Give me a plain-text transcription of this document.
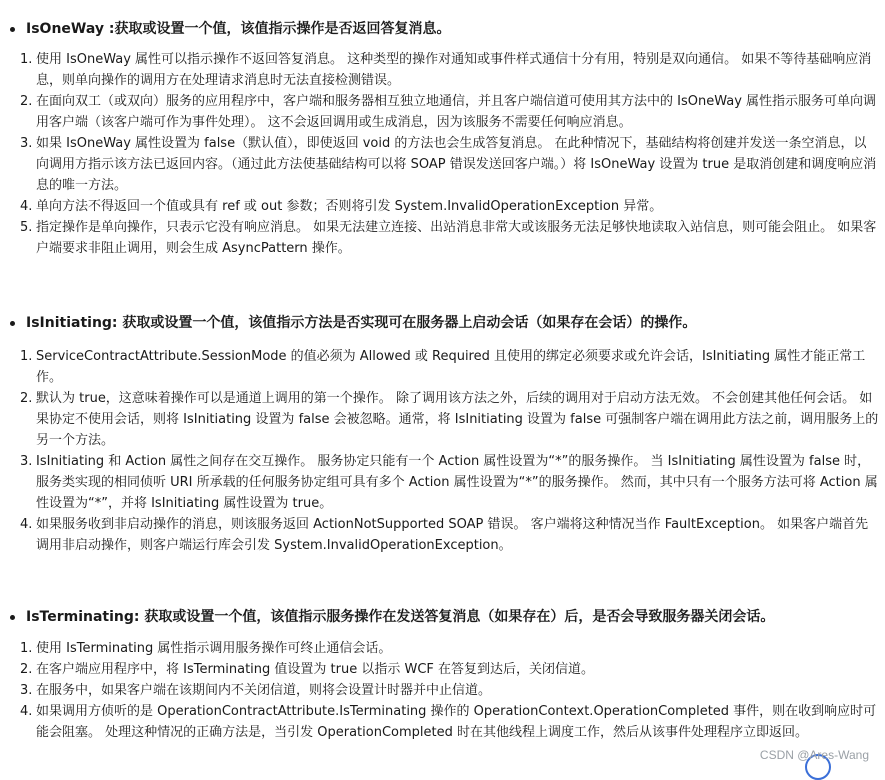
IsOneWay :获取或设置一个值，该值指示操作是否返回答复消息。
1. 使用 IsOneWay 属性可以指示操作不返回答复消息。 这种类型的操作对通知或事件样式通信十分有用，特别是双向通信。 如果不等待基础响应消息，则单向操作的调用方在处理请求消息时无法直接检测错误。
2. 在面向双工（或双向）服务的应用程序中，客户端和服务器相互独立地通信，并且客户端信道可使用其方法中的 IsOneWay 属性指示服务可单向调用客户端（该客户端可作为事件处理）。 这不会返回调用或生成消息，因为该服务不需要任何响应消息。
3. 如果 IsOneWay 属性设置为 false（默认值），即使返回 void 的方法也会生成答复消息。 在此种情况下，基础结构将创建并发送一条空消息，以向调用方指示该方法已返回内容。（通过此方法使基础结构可以将 SOAP 错误发送回客户端。）将 IsOneWay 设置为 true 是取消创建和调度响应消息的唯一方法。
4. 单向方法不得返回一个值或具有 ref 或 out 参数；否则将引发 System.InvalidOperationException 异常。
5. 指定操作是单向操作，只表示它没有响应消息。 如果无法建立连接、出站消息非常大或该服务无法足够快地读取入站信息，则可能会阻止。 如果客户端要求非阻止调用，则会生成 AsyncPattern 操作。
IsInitiating: 获取或设置一个值，该值指示方法是否实现可在服务器上启动会话（如果存在会话）的操作。
1. ServiceContractAttribute.SessionMode 的值必须为 Allowed 或 Required 且使用的绑定必须要求或允许会话，IsInitiating 属性才能正常工作。
2. 默认为 true，这意味着操作可以是通道上调用的第一个操作。 除了调用该方法之外，后续的调用对于启动方法无效。 不会创建其他任何会话。 如果协定不使用会话，则将 IsInitiating 设置为 false 会被忽略。通常，将 IsInitiating 设置为 false 可强制客户端在调用此方法之前，调用服务上的另一个方法。
3. IsInitiating 和 Action 属性之间存在交互操作。 服务协定只能有一个 Action 属性设置为“*”的服务操作。 当 IsInitiating 属性设置为 false 时，服务类实现的相同侦听 URI 所承载的任何服务协定组可具有多个 Action 属性设置为“*”的服务操作。 然而，其中只有一个服务方法可将 Action 属性设置为“*”，并将 IsInitiating 属性设置为 true。
4. 如果服务收到非启动操作的消息，则该服务返回 ActionNotSupported SOAP 错误。 客户端将这种情况当作 FaultException。 如果客户端首先调用非启动操作，则客户端运行库会引发 System.InvalidOperationException。
IsTerminating: 获取或设置一个值，该值指示服务操作在发送答复消息（如果存在）后，是否会导致服务器关闭会话。
1. 使用 IsTerminating 属性指示调用服务操作可终止通信会话。
2. 在客户端应用程序中，将 IsTerminating 值设置为 true 以指示 WCF 在答复到达后，关闭信道。
3. 在服务中，如果客户端在该期间内不关闭信道，则将会设置计时器并中止信道。
4. 如果调用方侦听的是 OperationContractAttribute.IsTerminating 操作的 OperationContext.OperationCompleted 事件，则在收到响应时可能会阻塞。 处理这种情况的正确方法是，当引发 OperationCompleted 时在其他线程上调度工作，然后从该事件处理程序立即返回。
CSDN @Ares-Wang
